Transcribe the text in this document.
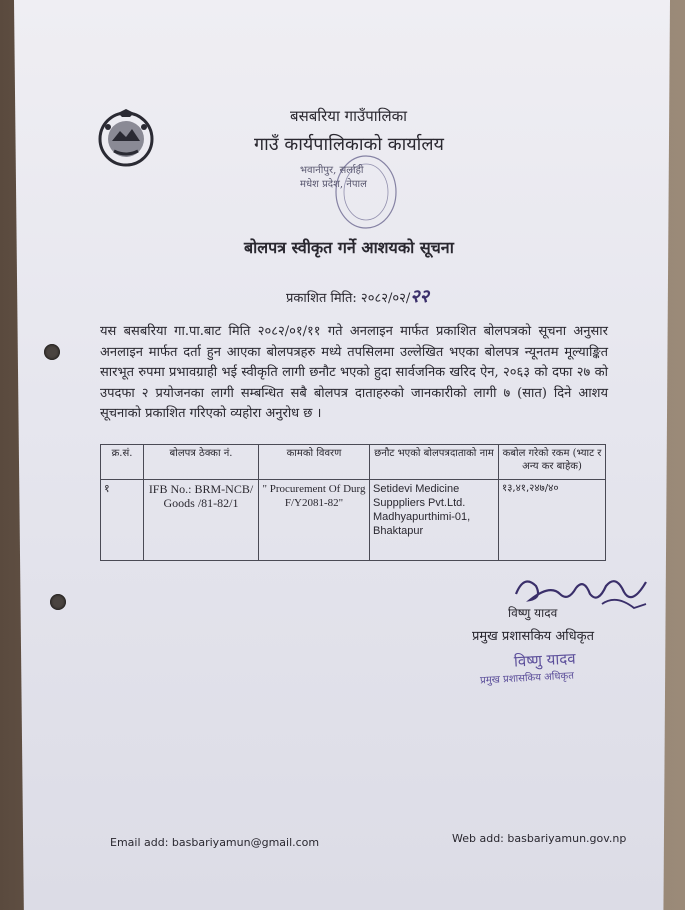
बसबरिया गाउँपालिका
गाउँ कार्यपालिकाको कार्यालय
भवानीपुर, सर्लाही
मधेश प्रदेश, नेपाल
बोलपत्र स्वीकृत गर्ने आशयको सूचना
प्रकाशित मिति: २०८२/०२/२२
यस बसबरिया गा.पा.बाट मिति २०८२/०१/११ गते अनलाइन मार्फत प्रकाशित बोलपत्रको सूचना अनुसार अनलाइन मार्फत दर्ता हुन आएका बोलपत्रहरु मध्ये तपसिलमा उल्लेखित भएका बोलपत्र न्यूनतम मूल्याङ्कित सारभूत रुपमा प्रभावग्राही भई स्वीकृति लागी छनौट भएको हुदा सार्वजनिक खरिद ऐन, २०६३ को दफा २७ को उपदफा २ प्रयोजनका लागी सम्बन्धित सबै बोलपत्र दाताहरुको जानकारीको लागी ७ (सात) दिने आशय सूचनाको प्रकाशित गरिएको व्यहोरा अनुरोध छ ।
क्र.सं.	बोलपत्र ठेक्का नं.	कामको विवरण	छनौट भएको बोलपत्रदाताको नाम	कबोल गरेको रकम (भ्याट र अन्य कर बाहेक)
१	IFB No.: BRM-NCB/ Goods /81-82/1	" Procurement Of Durg F/Y2081-82"	Setidevi Medicine Supppliers Pvt.Ltd. Madhyapurthimi-01, Bhaktapur	१३,४१,२४७/४०
विष्णु यादव
प्रमुख प्रशासकिय अधिकृत
विष्णु यादव
प्रमुख प्रशासकिय अधिकृत
Email add: basbariyamun@gmail.com	Web add: basbariyamun.gov.np
